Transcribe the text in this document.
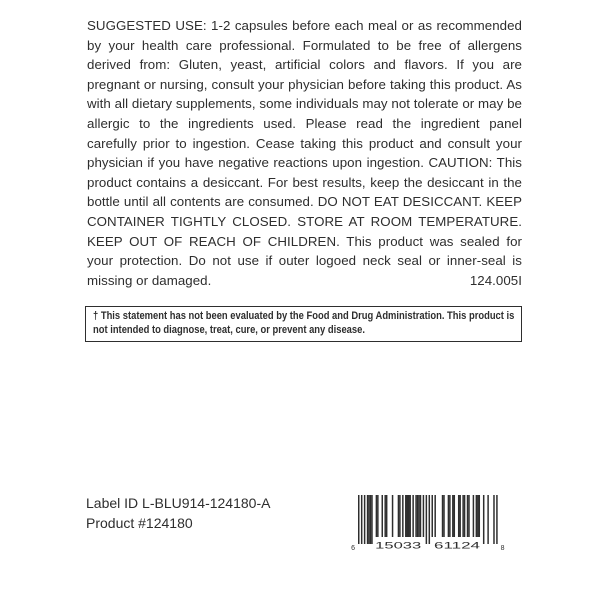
SUGGESTED USE: 1-2 capsules before each meal or as recommended by your health care professional. Formulated to be free of allergens derived from: Gluten, yeast, artificial colors and flavors. If you are pregnant or nursing, consult your physician before taking this product. As with all dietary supplements, some individuals may not tolerate or may be allergic to the ingredients used. Please read the ingredient panel carefully prior to ingestion. Cease taking this product and consult your physician if you have negative reactions upon ingestion. CAUTION: This product contains a desiccant. For best results, keep the desiccant in the bottle until all contents are consumed. DO NOT EAT DESICCANT. KEEP CONTAINER TIGHTLY CLOSED. STORE AT ROOM TEMPERATURE. KEEP OUT OF REACH OF CHILDREN. This product was sealed for your protection. Do not use if outer logoed neck seal or inner-seal is missing or damaged.	124.005I
† This statement has not been evaluated by the Food and Drug Administration. This product is not intended to diagnose, treat, cure, or prevent any disease.
Label ID L-BLU914-124180-A
Product #124180
6 15033 61124	8
